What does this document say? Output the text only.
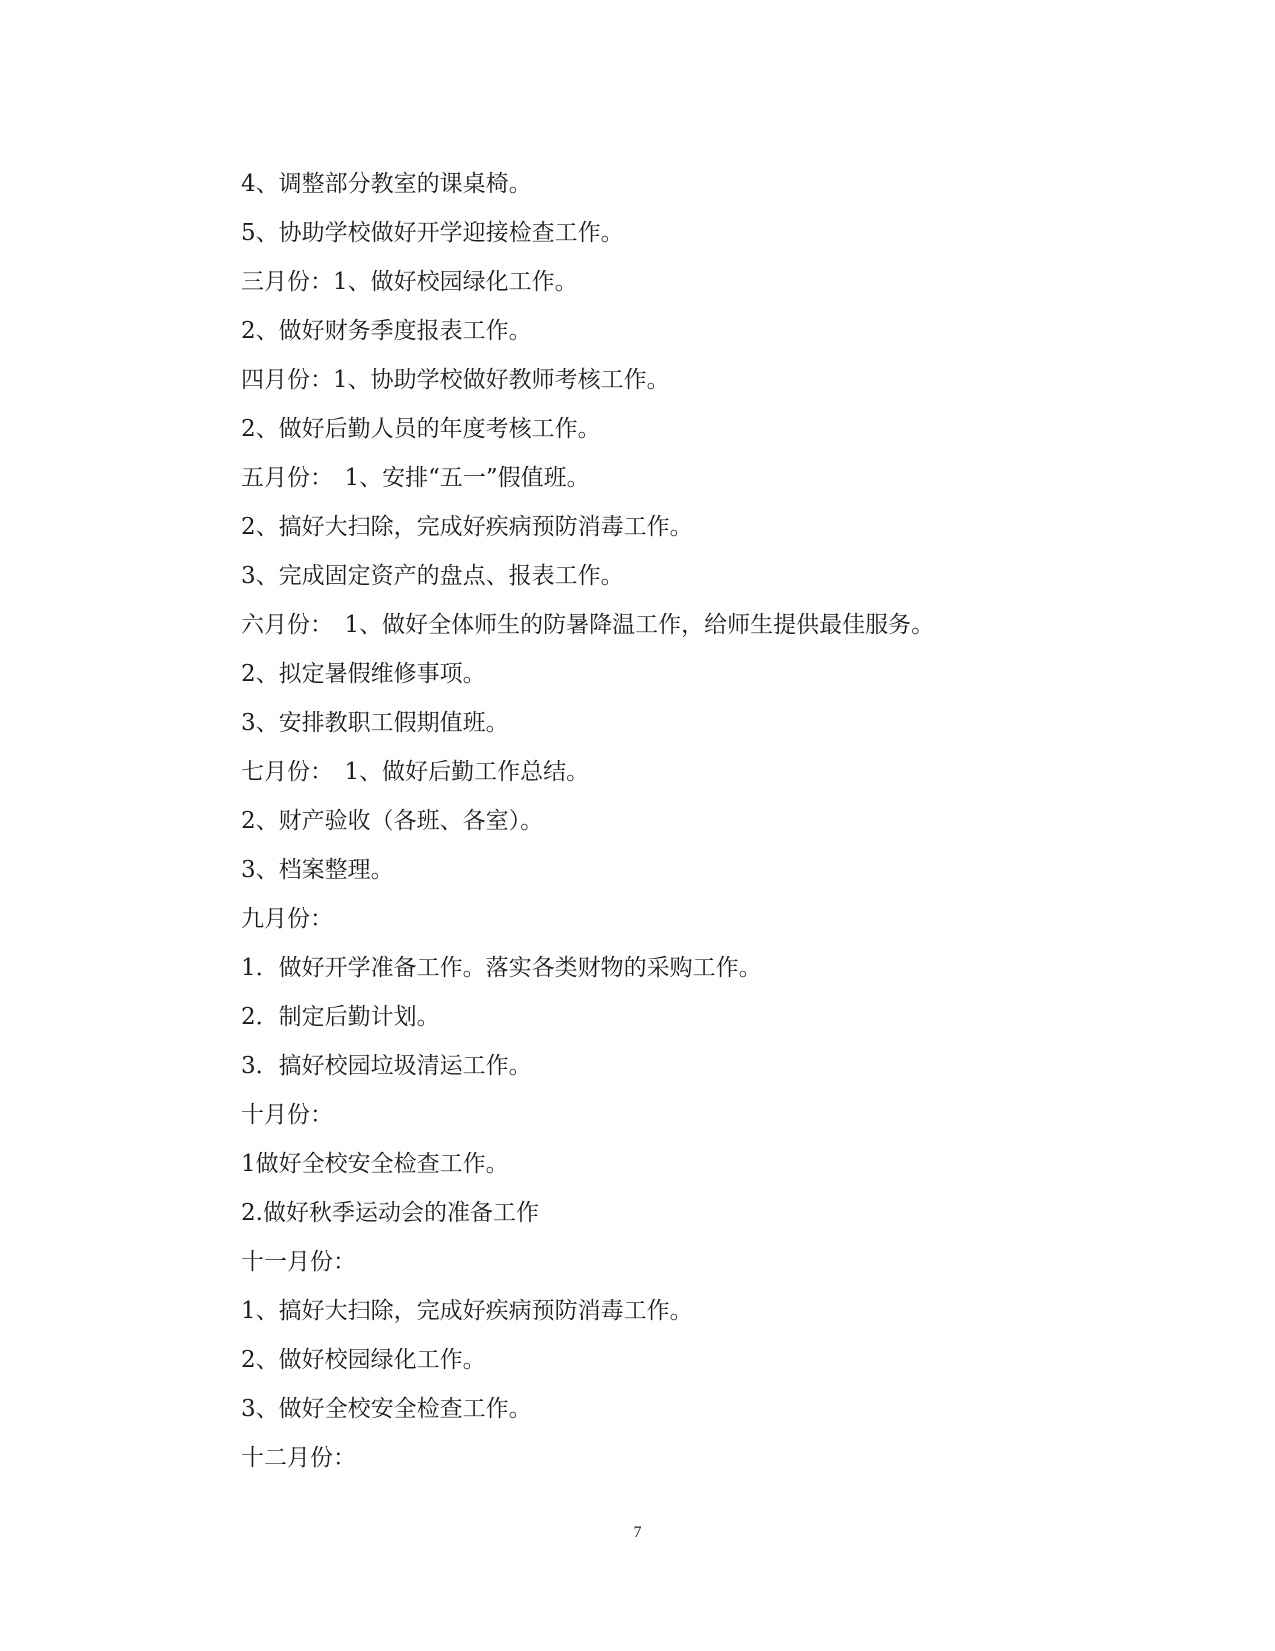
4、调整部分教室的课桌椅。
5、协助学校做好开学迎接检查工作。
三月份：1、做好校园绿化工作。
2、做好财务季度报表工作。
四月份：1、协助学校做好教师考核工作。
2、做好后勤人员的年度考核工作。
五月份：　1、安排“五一”假值班。
2、搞好大扫除，完成好疾病预防消毒工作。
3、完成固定资产的盘点、报表工作。
六月份：　1、做好全体师生的防暑降温工作，给师生提供最佳服务。
2、拟定暑假维修事项。
3、安排教职工假期值班。
七月份：　1、做好后勤工作总结。
2、财产验收（各班、各室）。
3、档案整理。
九月份：
1．做好开学准备工作。落实各类财物的采购工作。
2．制定后勤计划。
3．搞好校园垃圾清运工作。
十月份：
1做好全校安全检查工作。
2.做好秋季运动会的准备工作
十一月份：
1、搞好大扫除，完成好疾病预防消毒工作。
2、做好校园绿化工作。
3、做好全校安全检查工作。
十二月份：
7
